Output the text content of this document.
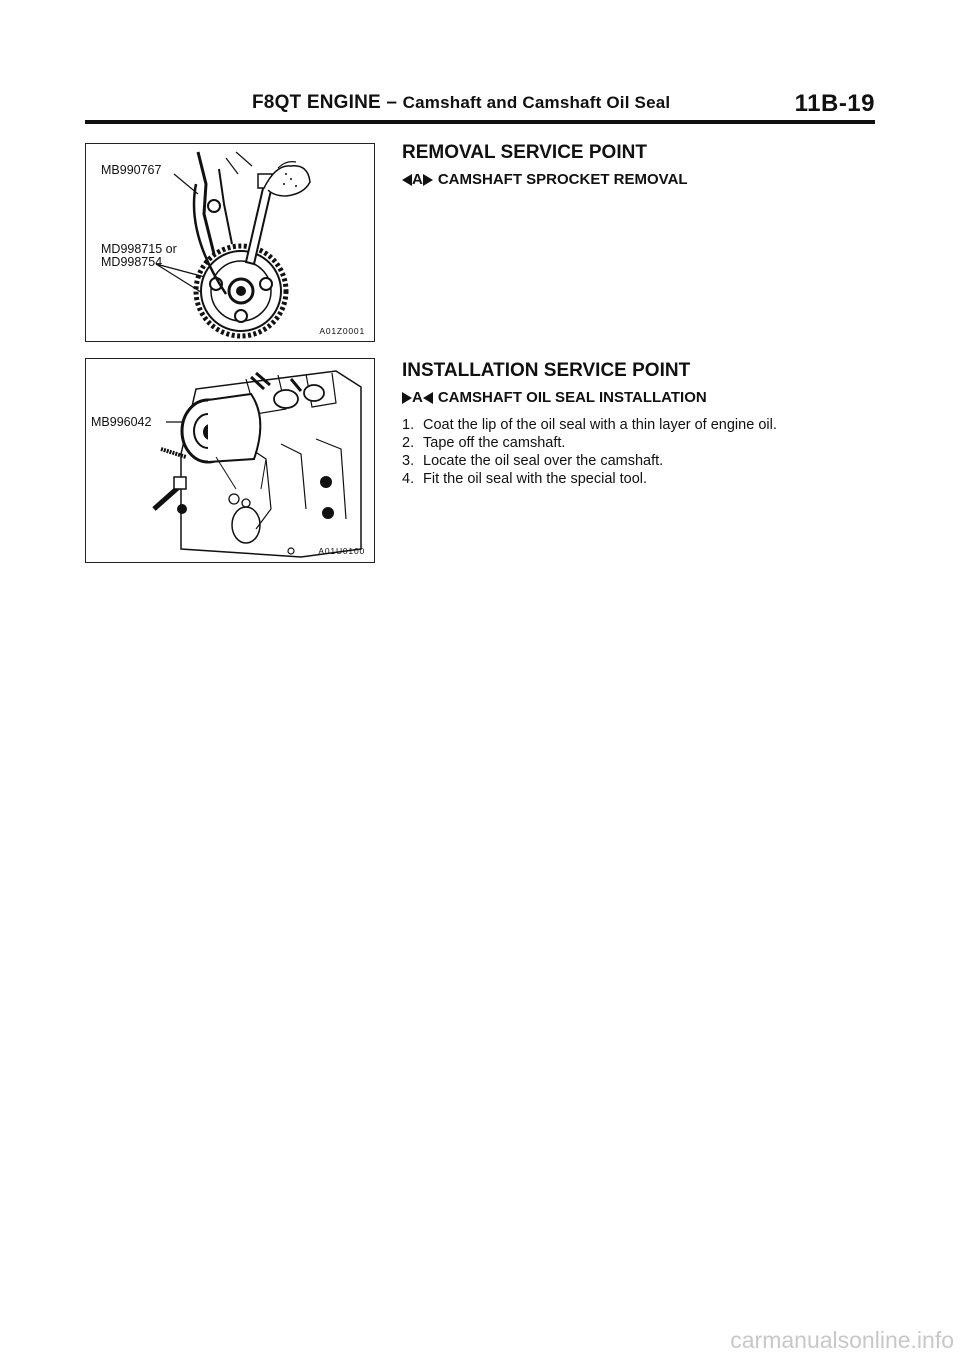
F8QT ENGINE – Camshaft and Camshaft Oil Seal	11B-19
MB990767
MD998715 or
MD998754
A01Z0001
MB996042
A01U0100
REMOVAL SERVICE POINT
A CAMSHAFT SPROCKET REMOVAL
INSTALLATION SERVICE POINT
A CAMSHAFT OIL SEAL INSTALLATION
1. Coat the lip of the oil seal with a thin layer of engine oil.
2. Tape off the camshaft.
3. Locate the oil seal over the camshaft.
4. Fit the oil seal with the special tool.
carmanualsonline.info
